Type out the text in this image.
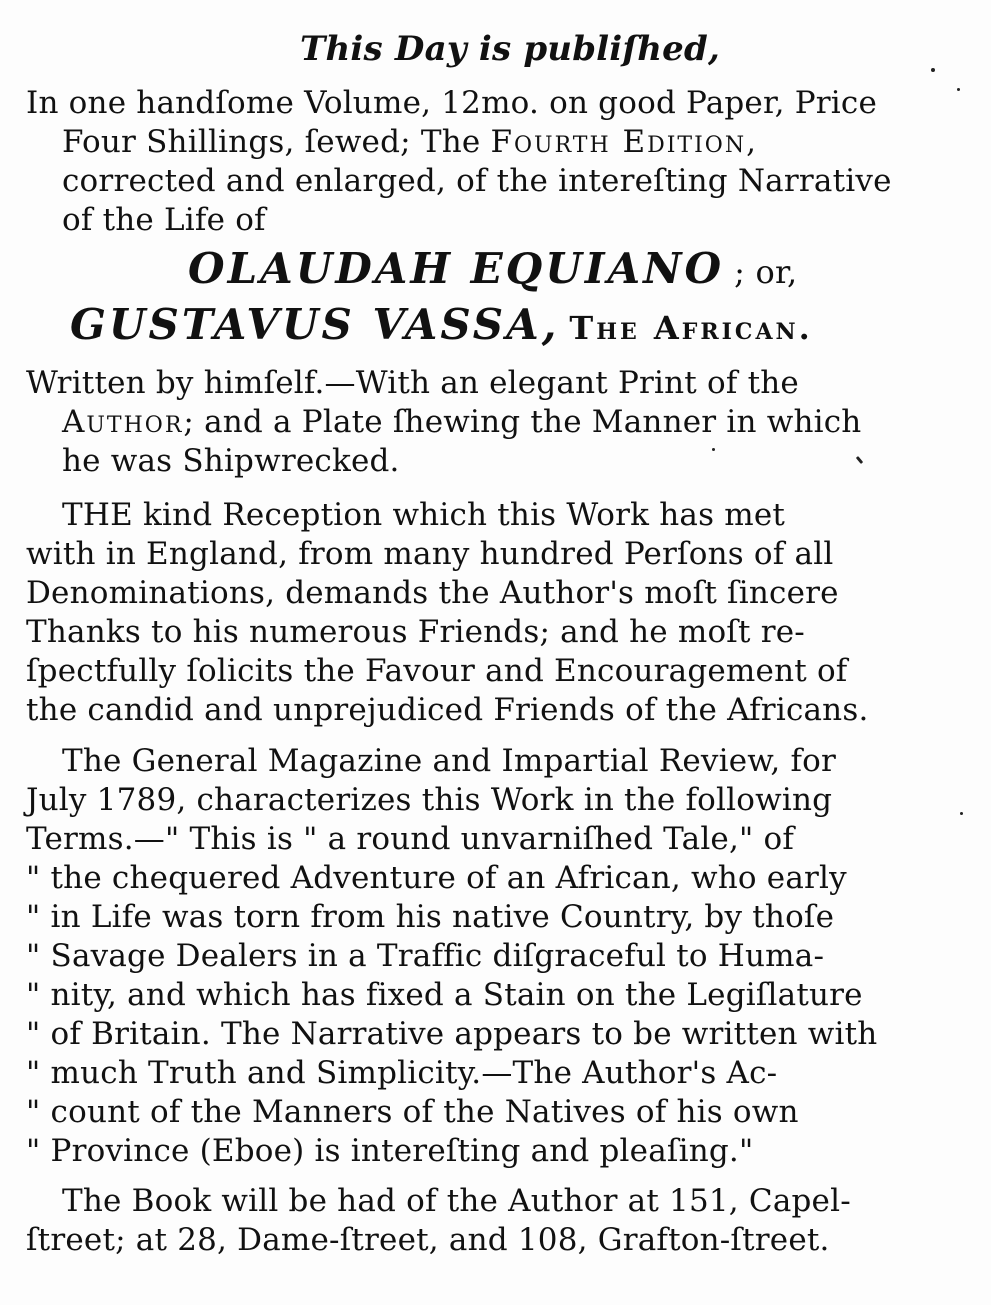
This Day is publiſhed,
In one handſome Volume, 12mo. on good Paper, Price
Four Shillings, ſewed; The Fourth Edition,
corrected and enlarged, of the intereſting Narrative
of the Life of
OLAUDAH EQUIANO ; or,
GUSTAVUS VASSA, The African.
Written by himſelf.—With an elegant Print of the
Author; and a Plate ſhewing the Manner in which
he was Shipwrecked.
THE kind Reception which this Work has met
with in England, from many hundred Perſons of all
Denominations, demands the Author's moſt ſincere
Thanks to his numerous Friends; and he moſt re-
ſpectfully ſolicits the Favour and Encouragement of
the candid and unprejudiced Friends of the Africans.
The General Magazine and Impartial Review, for
July 1789, characterizes this Work in the following
Terms.—" This is " a round unvarniſhed Tale," of
" the chequered Adventure of an African, who early
" in Life was torn from his native Country, by thoſe
" Savage Dealers in a Traffic diſgraceful to Huma-
" nity, and which has fixed a Stain on the Legiſlature
" of Britain. The Narrative appears to be written with
" much Truth and Simplicity.—The Author's Ac-
" count of the Manners of the Natives of his own
" Province (Eboe) is intereſting and pleaſing."
The Book will be had of the Author at 151, Capel-
ſtreet; at 28, Dame-ſtreet, and 108, Grafton-ſtreet.
